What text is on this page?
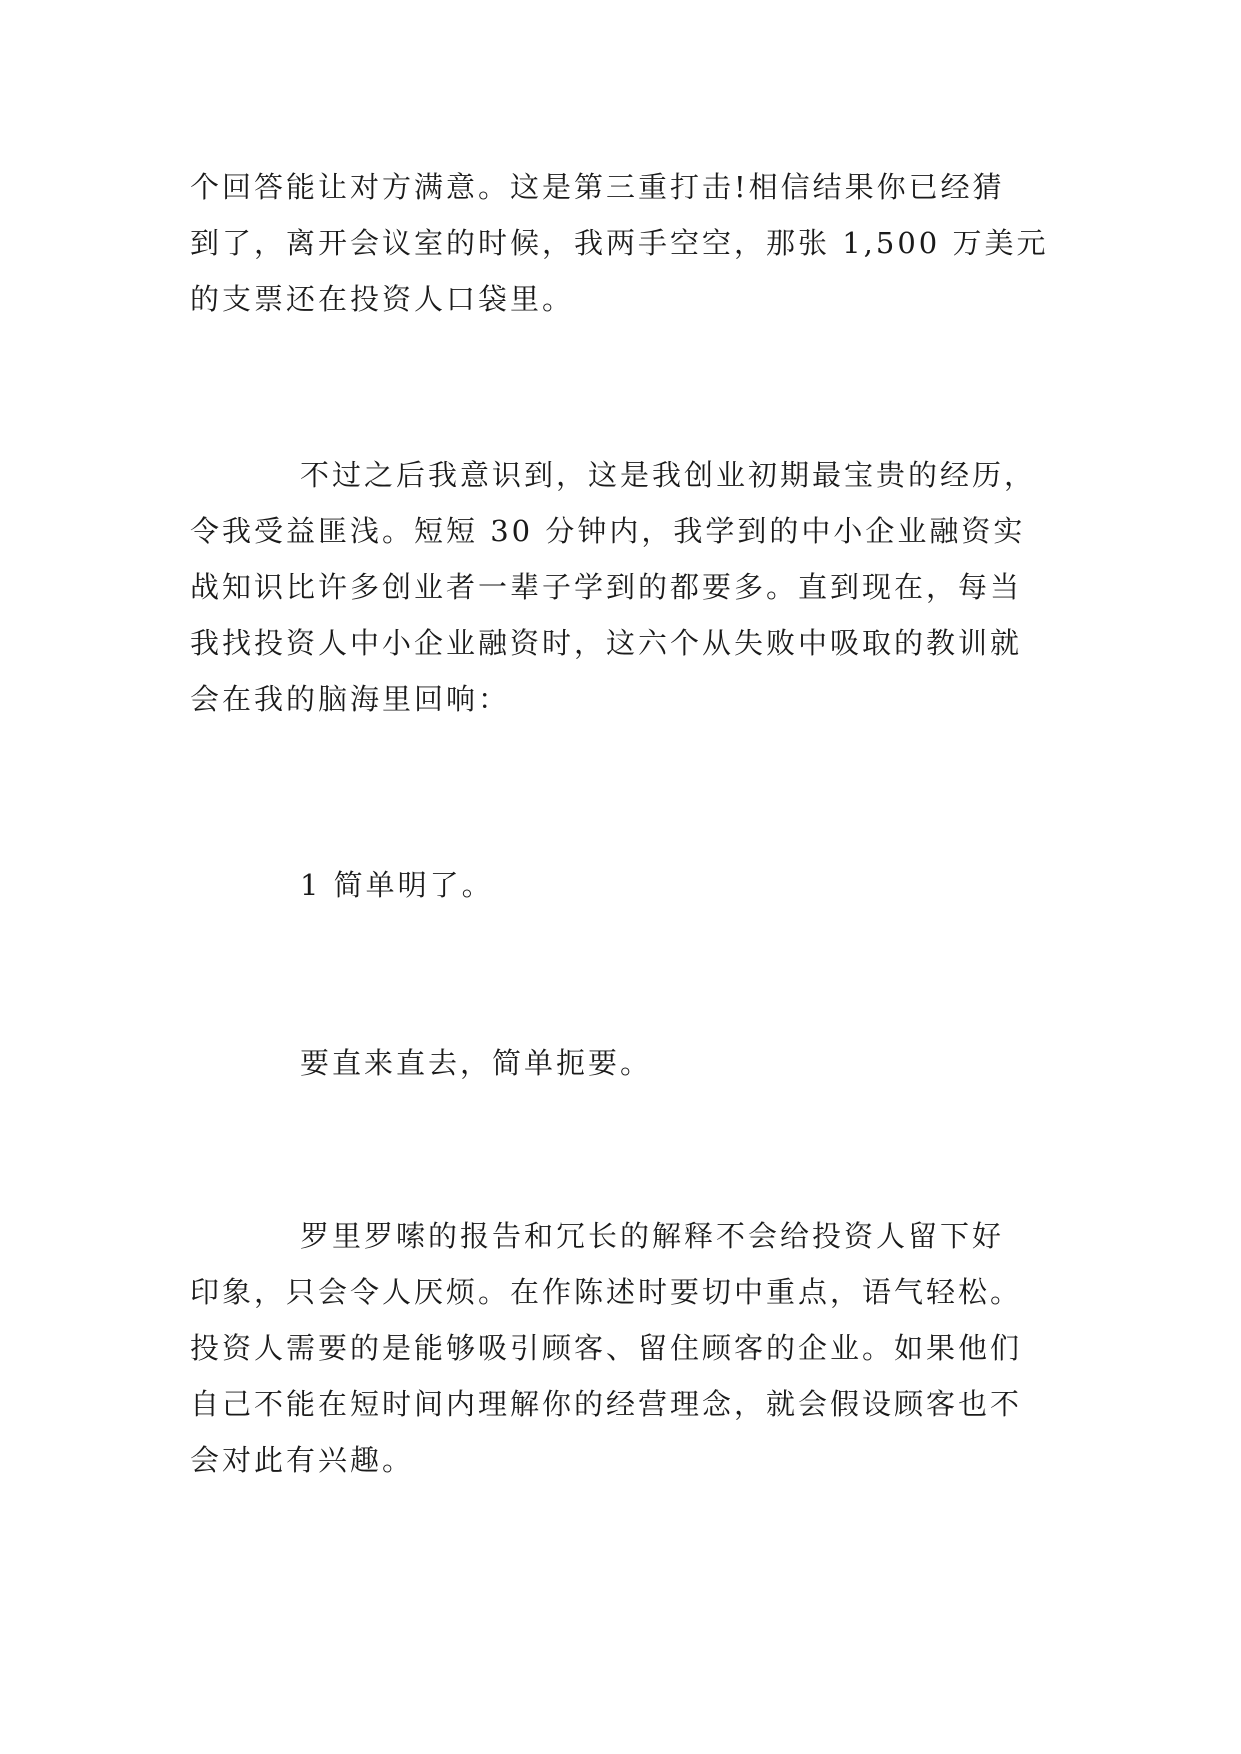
个回答能让对方满意。这是第三重打击!相信结果你已经猜
到了，离开会议室的时候，我两手空空，那张 1,500 万美元
的支票还在投资人口袋里。
不过之后我意识到，这是我创业初期最宝贵的经历，
令我受益匪浅。短短 30 分钟内，我学到的中小企业融资实
战知识比许多创业者一辈子学到的都要多。直到现在，每当
我找投资人中小企业融资时，这六个从失败中吸取的教训就
会在我的脑海里回响：
1 简单明了。
要直来直去，简单扼要。
罗里罗嗦的报告和冗长的解释不会给投资人留下好
印象，只会令人厌烦。在作陈述时要切中重点，语气轻松。
投资人需要的是能够吸引顾客、留住顾客的企业。如果他们
自己不能在短时间内理解你的经营理念，就会假设顾客也不
会对此有兴趣。
